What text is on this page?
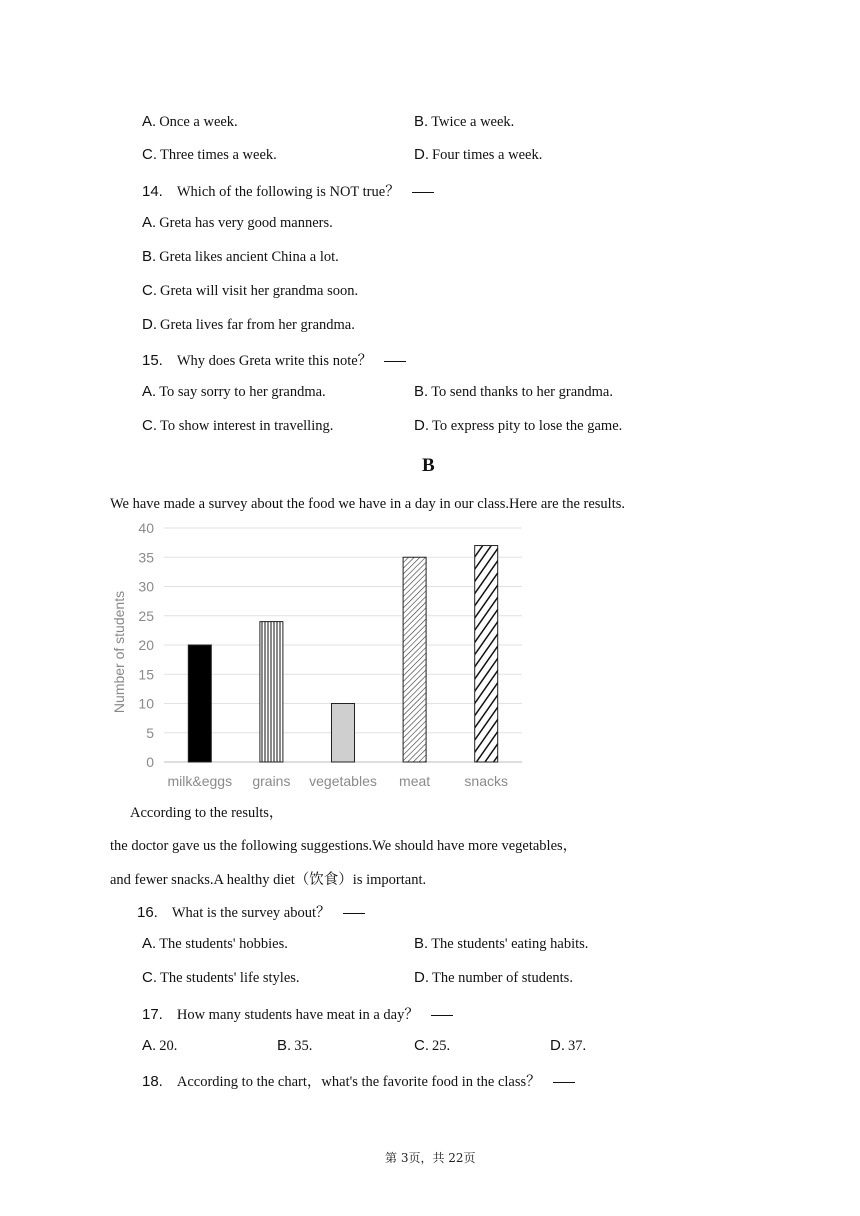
A. Once a week.	B. Twice a week.
C. Three times a week.	D. Four times a week.
14. Which of the following is NOT true？
A. Greta has very good manners.
B. Greta likes ancient China a lot.
C. Greta will visit her grandma soon.
D. Greta lives far from her grandma.
15. Why does Greta write this note？
A. To say sorry to her grandma.	B. To send thanks to her grandma.
C. To show interest in travelling.	D. To express pity to lose the game.
B
We have made a survey about the food we have in a day in our class.Here are the results.
0
5
10
15
20
25
30
35
40
Number of students
milk&eggs grains vegetables meat snacks
According to the results，
the doctor gave us the following suggestions.We should have more vegetables，
and fewer snacks.A healthy diet（饮食）is important.
16. What is the survey about？
A. The students' hobbies.	B. The students' eating habits.
C. The students' life styles.	D. The number of students.
17. How many students have meat in a day？
A. 20.	B. 35.	C. 25.	D. 37.
18. According to the chart，what's the favorite food in the class？
第 3页，共 22页
